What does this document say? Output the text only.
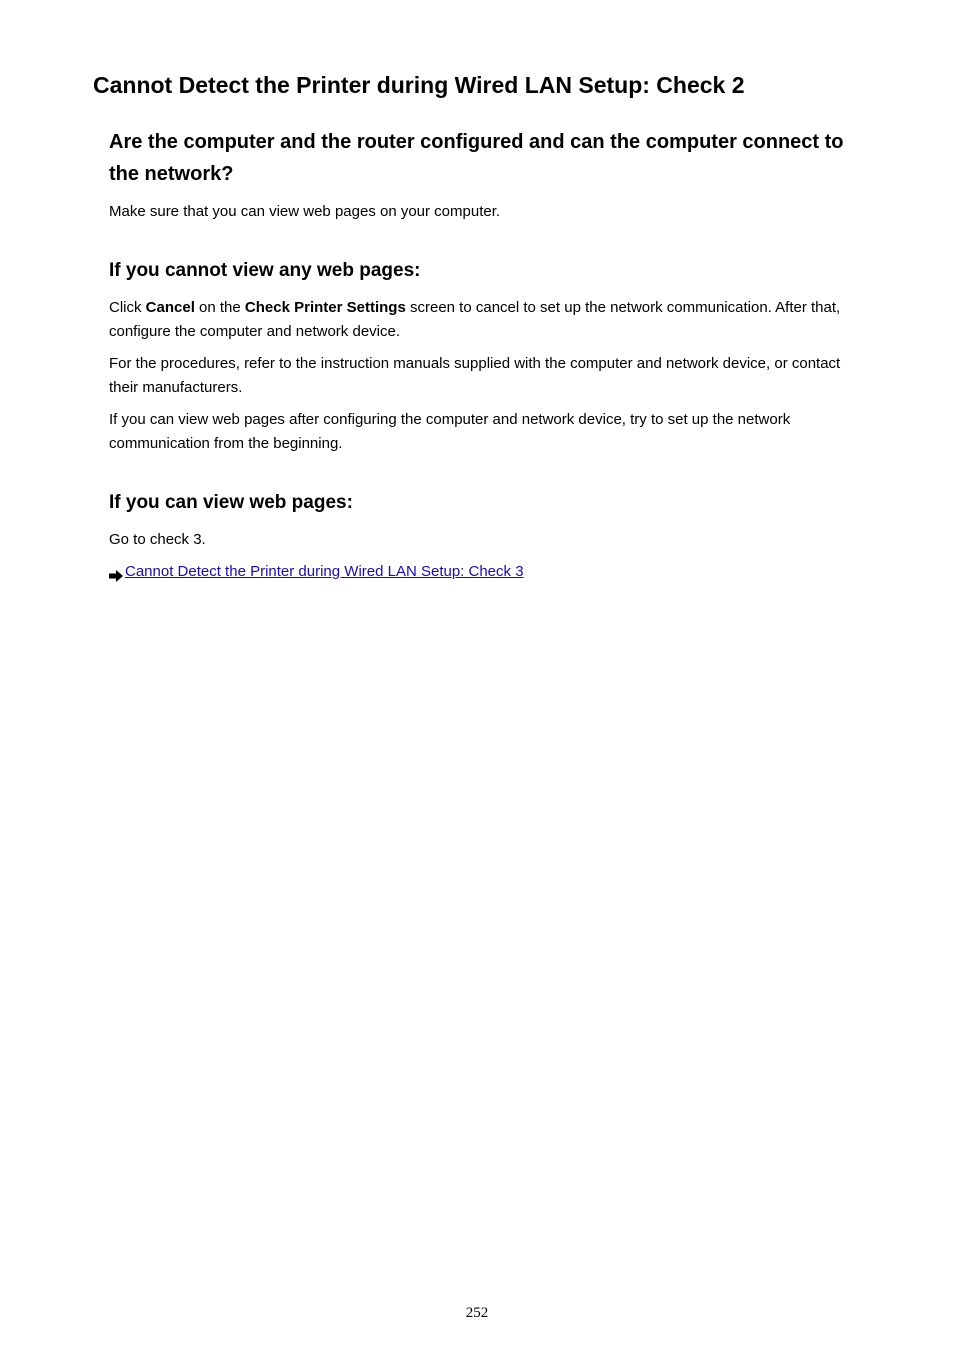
Cannot Detect the Printer during Wired LAN Setup: Check 2
Are the computer and the router configured and can the computer connect to the network?

Make sure that you can view web pages on your computer.

If you cannot view any web pages:

Click Cancel on the Check Printer Settings screen to cancel to set up the network communication. After that, configure the computer and network device.

For the procedures, refer to the instruction manuals supplied with the computer and network device, or contact their manufacturers.

If you can view web pages after configuring the computer and network device, try to set up the network communication from the beginning.

If you can view web pages:

Go to check 3.

Cannot Detect the Printer during Wired LAN Setup: Check 3
252
